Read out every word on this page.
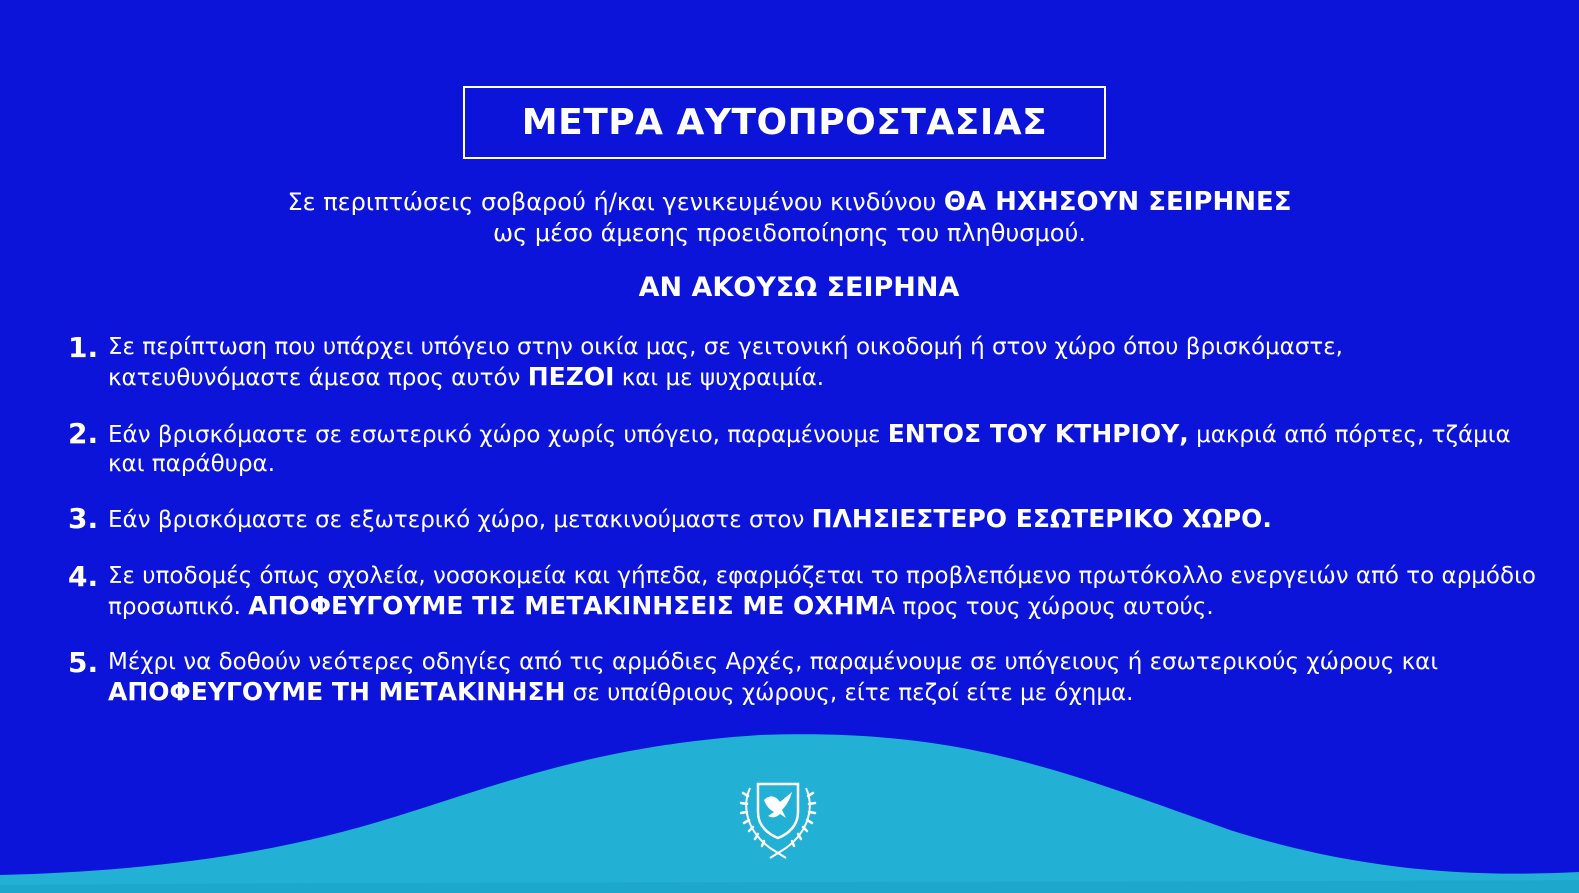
ΜΕΤΡΑ ΑΥΤΟΠΡΟΣΤΑΣΙΑΣ
Σε περιπτώσεις σοβαρού ή/και γενικευμένου κινδύνου ΘΑ ΗΧΗΣΟΥΝ ΣΕΙΡΗΝΕΣ
ως μέσο άμεσης προειδοποίησης του πληθυσμού.
ΑΝ ΑΚΟΥΣΩ ΣΕΙΡΗΝΑ
1. Σε περίπτωση που υπάρχει υπόγειο στην οικία μας, σε γειτονική οικοδομή ή στον χώρο όπου βρισκόμαστε, κατευθυνόμαστε άμεσα προς αυτόν ΠΕΖΟΙ και με ψυχραιμία.
2. Εάν βρισκόμαστε σε εσωτερικό χώρο χωρίς υπόγειο, παραμένουμε ΕΝΤΟΣ ΤΟΥ ΚΤΗΡΙΟΥ, μακριά από πόρτες, τζάμια και παράθυρα.
3. Εάν βρισκόμαστε σε εξωτερικό χώρο, μετακινούμαστε στον ΠΛΗΣΙΕΣΤΕΡΟ ΕΣΩΤΕΡΙΚΟ ΧΩΡΟ.
4. Σε υποδομές όπως σχολεία, νοσοκομεία και γήπεδα, εφαρμόζεται το προβλεπόμενο πρωτόκολλο ενεργειών από το αρμόδιο προσωπικό. ΑΠΟΦΕΥΓΟΥΜΕ ΤΙΣ ΜΕΤΑΚΙΝΗΣΕΙΣ ΜΕ ΟΧΗΜΑ προς τους χώρους αυτούς.
5. Μέχρι να δοθούν νεότερες οδηγίες από τις αρμόδιες Αρχές, παραμένουμε σε υπόγειους ή εσωτερικούς χώρους και ΑΠΟΦΕΥΓΟΥΜΕ ΤΗ ΜΕΤΑΚΙΝΗΣΗ σε υπαίθριους χώρους, είτε πεζοί είτε με όχημα.
